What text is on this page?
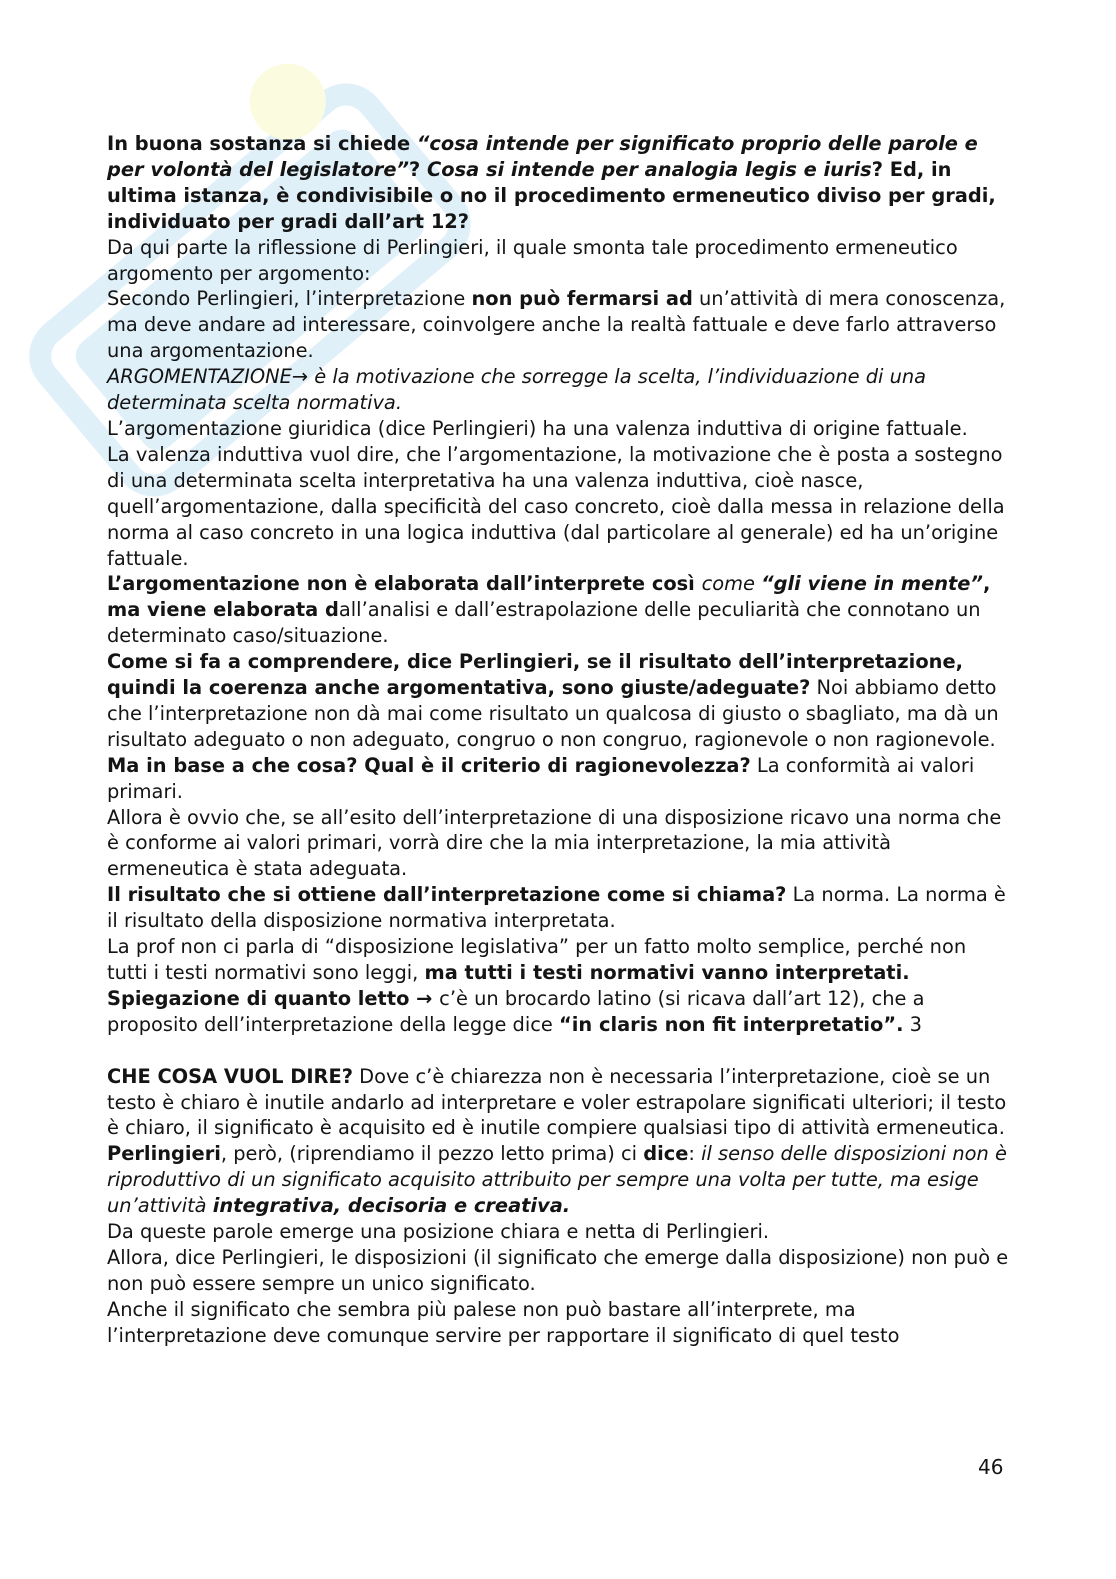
In buona sostanza si chiede “cosa intende per significato proprio delle parole e per volontà del legislatore”? Cosa si intende per analogia legis e iuris? Ed, in ultima istanza, è condivisibile o no il procedimento ermeneutico diviso per gradi, individuato per gradi dall’art 12?

Da qui parte la riflessione di Perlingieri, il quale smonta tale procedimento ermeneutico argomento per argomento:

Secondo Perlingieri, l’interpretazione non può fermarsi ad un’attività di mera conoscenza, ma deve andare ad interessare, coinvolgere anche la realtà fattuale e deve farlo attraverso una argomentazione.

ARGOMENTAZIONE→ è la motivazione che sorregge la scelta, l’individuazione di una determinata scelta normativa.

L’argomentazione giuridica (dice Perlingieri) ha una valenza induttiva di origine fattuale.

La valenza induttiva vuol dire, che l’argomentazione, la motivazione che è posta a sostegno di una determinata scelta interpretativa ha una valenza induttiva, cioè nasce, quell’argomentazione, dalla specificità del caso concreto, cioè dalla messa in relazione della norma al caso concreto in una logica induttiva (dal particolare al generale) ed ha un’origine fattuale.

L’argomentazione non è elaborata dall’interprete così come “gli viene in mente”, ma viene elaborata dall’analisi e dall’estrapolazione delle peculiarità che connotano un determinato caso/situazione.

Come si fa a comprendere, dice Perlingieri, se il risultato dell’interpretazione, quindi la coerenza anche argomentativa, sono giuste/adeguate? Noi abbiamo detto che l’interpretazione non dà mai come risultato un qualcosa di giusto o sbagliato, ma dà un risultato adeguato o non adeguato, congruo o non congruo, ragionevole o non ragionevole.

Ma in base a che cosa? Qual è il criterio di ragionevolezza? La conformità ai valori primari.

Allora è ovvio che, se all’esito dell’interpretazione di una disposizione ricavo una norma che è conforme ai valori primari, vorrà dire che la mia interpretazione, la mia attività ermeneutica è stata adeguata.

Il risultato che si ottiene dall’interpretazione come si chiama? La norma. La norma è il risultato della disposizione normativa interpretata.

La prof non ci parla di “disposizione legislativa” per un fatto molto semplice, perché non tutti i testi normativi sono leggi, ma tutti i testi normativi vanno interpretati.

Spiegazione di quanto letto → c’è un brocardo latino (si ricava dall’art 12), che a proposito dell’interpretazione della legge dice “in claris non fit interpretatio”. 3

CHE COSA VUOL DIRE? Dove c’è chiarezza non è necessaria l’interpretazione, cioè se un testo è chiaro è inutile andarlo ad interpretare e voler estrapolare significati ulteriori; il testo è chiaro, il significato è acquisito ed è inutile compiere qualsiasi tipo di attività ermeneutica.

Perlingieri, però, (riprendiamo il pezzo letto prima) ci dice: il senso delle disposizioni non è riproduttivo di un significato acquisito attribuito per sempre una volta per tutte, ma esige un’attività integrativa, decisoria e creativa.

Da queste parole emerge una posizione chiara e netta di Perlingieri.

Allora, dice Perlingieri, le disposizioni (il significato che emerge dalla disposizione) non può e non può essere sempre un unico significato.

Anche il significato che sembra più palese non può bastare all’interprete, ma l’interpretazione deve comunque servire per rapportare il significato di quel testo

46
